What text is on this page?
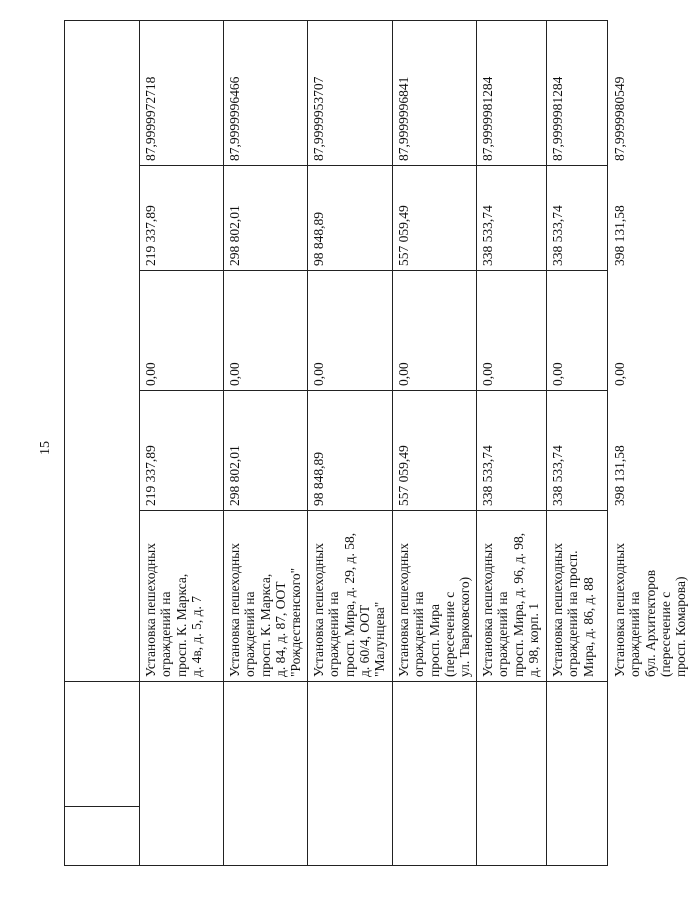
15
87,9999972718
219 337,89
0,00
219 337,89
Установка пешеходных
ограждений на
просп. К. Маркса,
д. 4в, д. 5, д. 7
87,9999996466
298 802,01
0,00
298 802,01
Установка пешеходных
ограждений на
просп. К. Маркса,
д. 84, д. 87, ООТ
"Рождественского"
87,9999953707
98 848,89
0,00
98 848,89
Установка пешеходных
ограждений на
просп. Мира, д. 29, д. 58,
д. 60/4, ООТ
"Малунцева"
87,9999996841
557 059,49
0,00
557 059,49
Установка пешеходных
ограждений на
просп. Мира
(пересечение с
ул. Тварковского)
87,9999981284
338 533,74
0,00
338 533,74
Установка пешеходных
ограждений на
просп. Мира, д. 96, д. 98,
д. 98, корп. 1
87,9999981284
338 533,74
0,00
338 533,74
Установка пешеходных
ограждений на просп.
Мира, д. 86, д. 88
87,9999980549
398 131,58
0,00
398 131,58
Установка пешеходных
ограждений на
бул. Архитекторов
(пересечение с
просп. Комарова)
